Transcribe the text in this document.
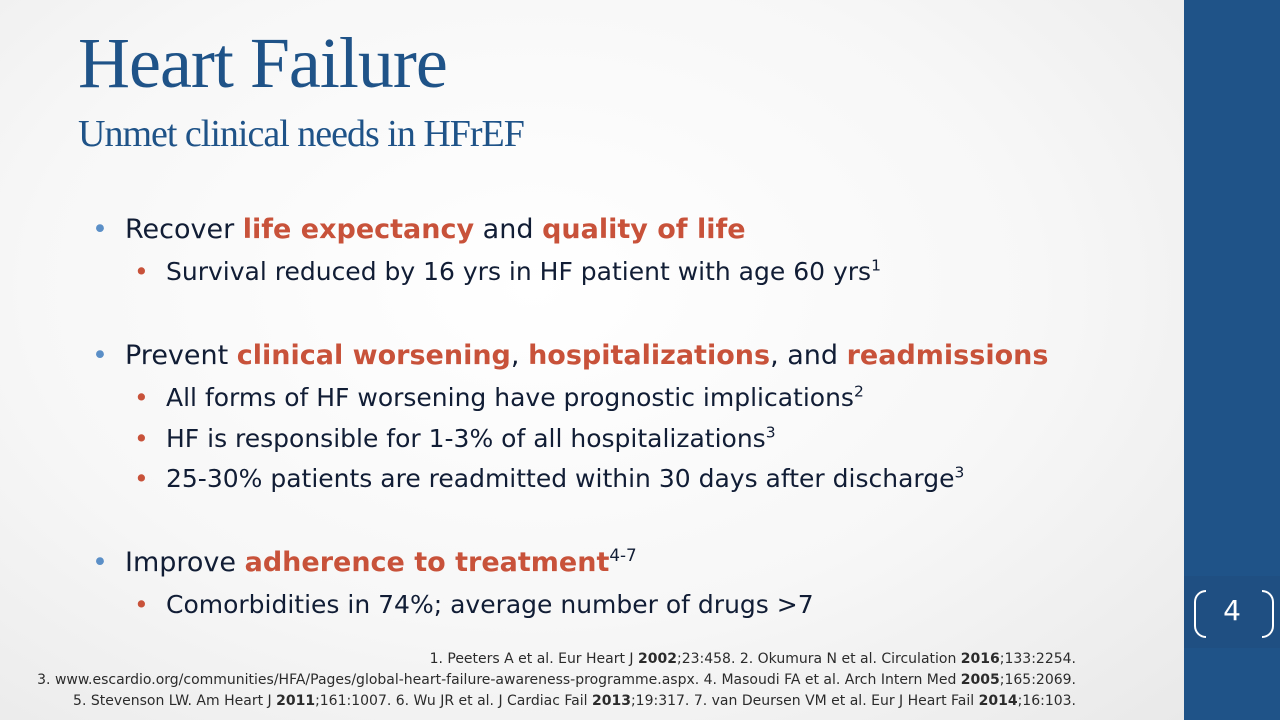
Heart Failure
Unmet clinical needs in HFrEF
• Recover life expectancy and quality of life
• Survival reduced by 16 yrs in HF patient with age 60 yrs$^1$
• Prevent clinical worsening, hospitalizations, and readmissions
• All forms of HF worsening have prognostic implications$^2$
• HF is responsible for 1-3% of all hospitalizations$^3$
• 25-30% patients are readmitted within 30 days after discharge$^3$
• Improve adherence to treatment$^{4-7}$
• Comorbidities in 74%; average number of drugs >7
1. Peeters A et al. Eur Heart J 2002;23:458. 2. Okumura N et al. Circulation 2016;133:2254.
3. www.escardio.org/communities/HFA/Pages/global-heart-failure-awareness-programme.aspx. 4. Masoudi FA et al. Arch Intern Med 2005;165:2069.
5. Stevenson LW. Am Heart J 2011;161:1007. 6. Wu JR et al. J Cardiac Fail 2013;19:317. 7. van Deursen VM et al. Eur J Heart Fail 2014;16:103.
4
